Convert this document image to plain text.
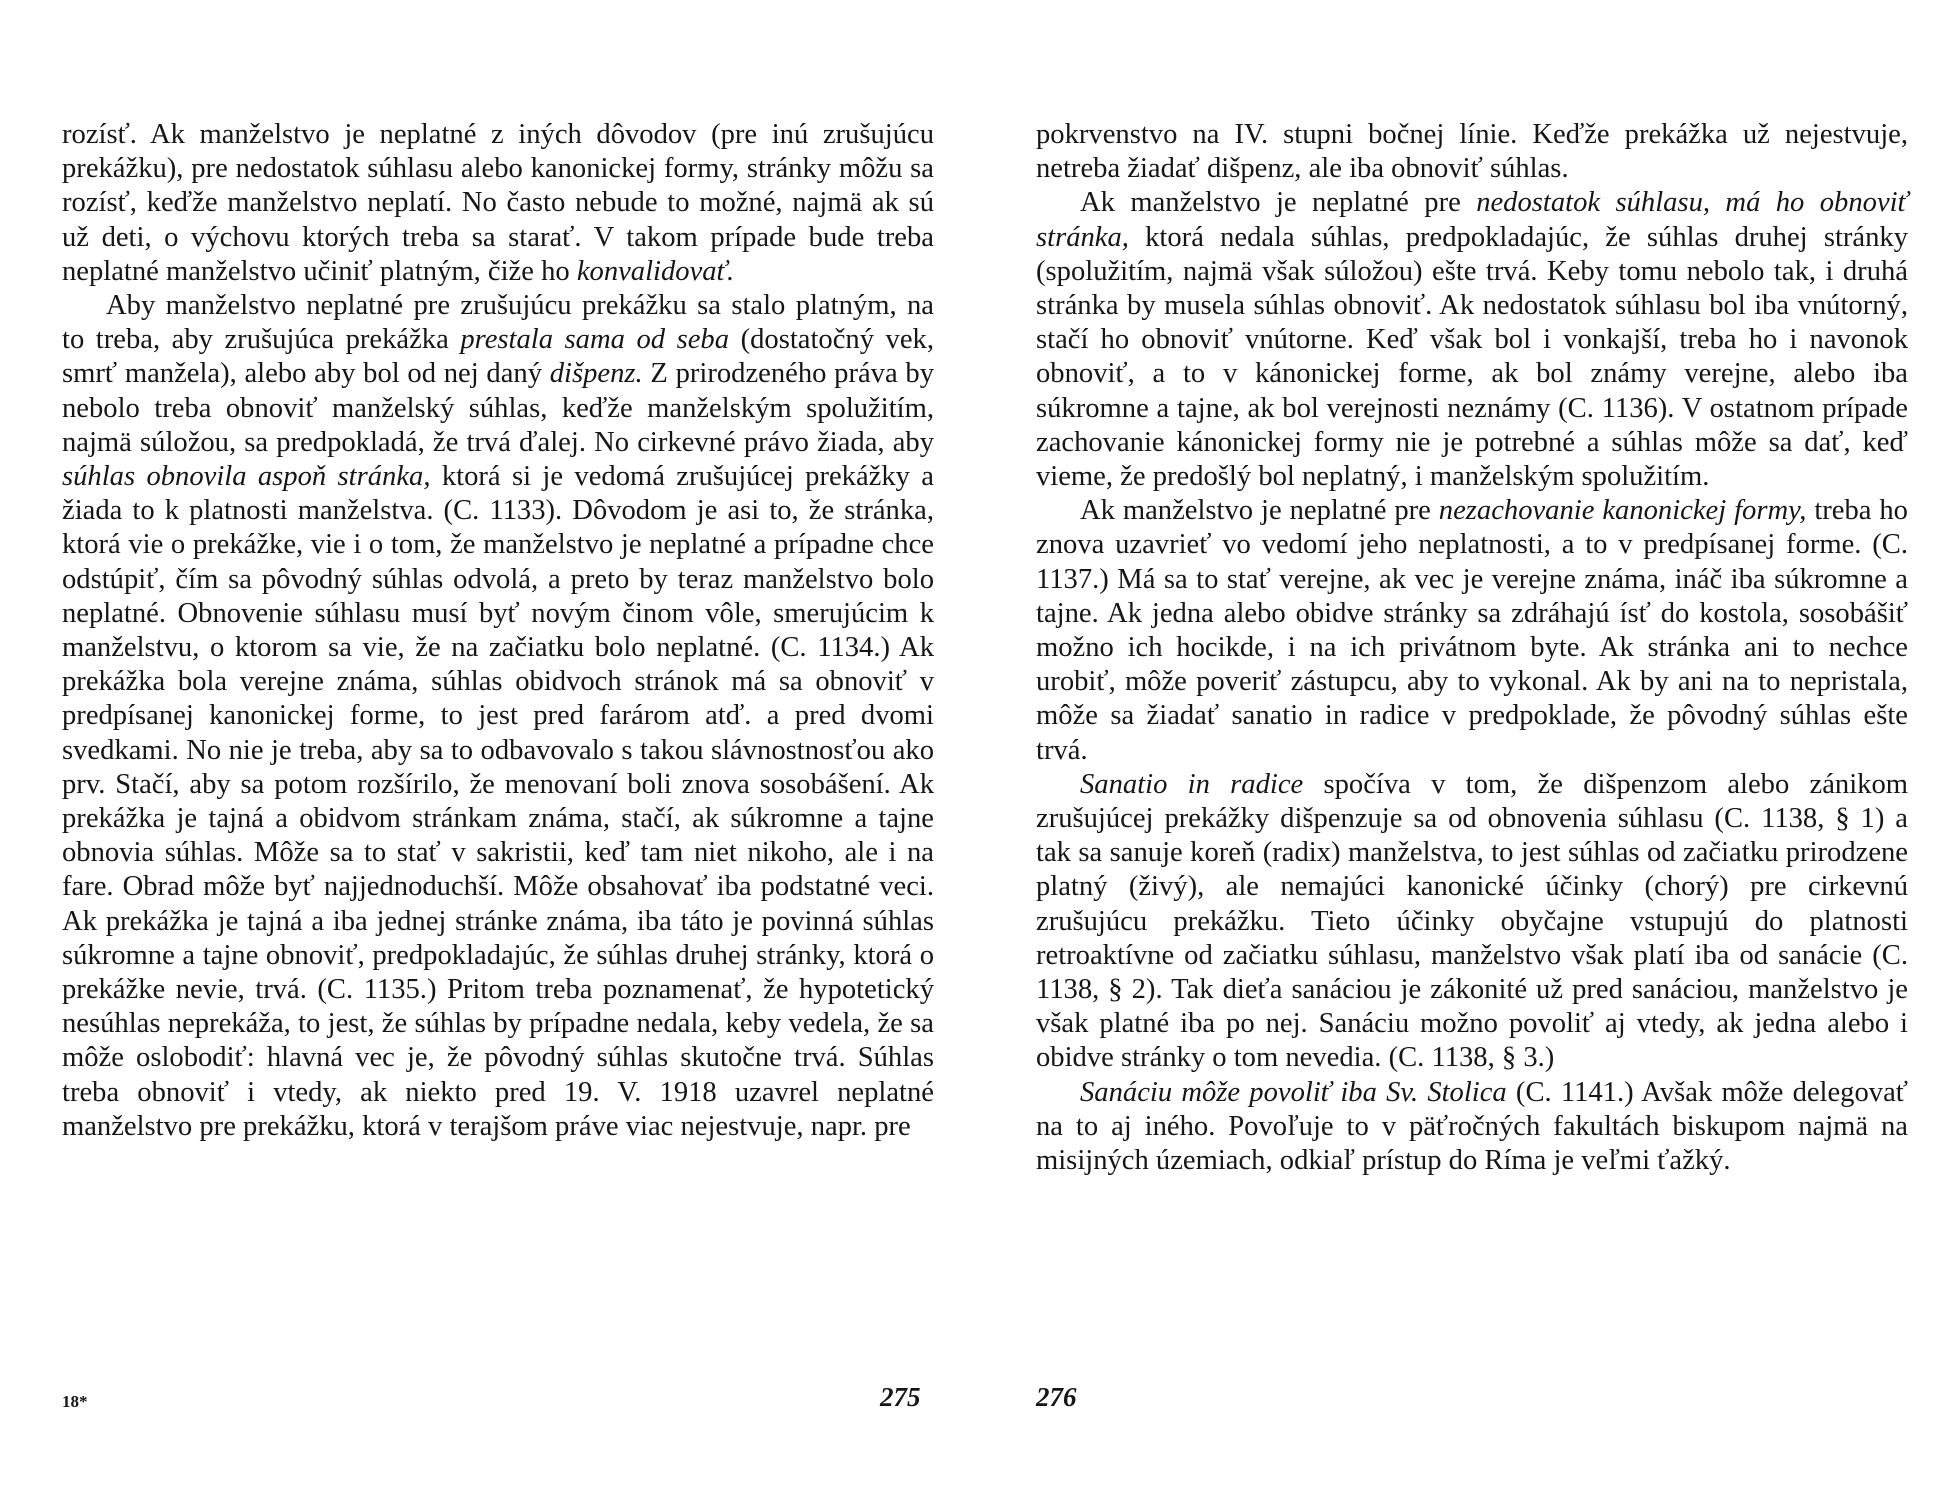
rozísť. Ak manželstvo je neplatné z iných dôvodov (pre inú zrušujúcu prekážku), pre nedostatok súhlasu alebo kanonickej formy, stránky môžu sa rozísť, keďže manželstvo neplatí. No často nebude to možné, najmä ak sú už deti, o výchovu ktorých treba sa starať. V takom prípade bude treba neplatné manželstvo učiniť platným, čiže ho konvalidovať.

Aby manželstvo neplatné pre zrušujúcu prekážku sa stalo platným, na to treba, aby zrušujúca prekážka prestala sama od seba (dostatočný vek, smrť manžela), alebo aby bol od nej daný dišpenz. Z prirodzeného práva by nebolo treba obnoviť manželský súhlas, keďže manželským spolužitím, najmä súložou, sa predpokladá, že trvá ďalej. No cirkevné právo žiada, aby súhlas obnovila aspoň stránka, ktorá si je vedomá zrušujúcej prekážky a žiada to k platnosti manželstva. (C. 1133). Dôvodom je asi to, že stránka, ktorá vie o prekážke, vie i o tom, že manželstvo je neplatné a prípadne chce odstúpiť, čím sa pôvodný súhlas odvolá, a preto by teraz manželstvo bolo neplatné. Obnovenie súhlasu musí byť novým činom vôle, smerujúcim k manželstvu, o ktorom sa vie, že na začiatku bolo neplatné. (C. 1134.) Ak prekážka bola verejne známa, súhlas obidvoch stránok má sa obnoviť v predpísanej kanonickej forme, to jest pred farárom atď. a pred dvomi svedkami. No nie je treba, aby sa to odbavovalo s takou slávnostnosťou ako prv. Stačí, aby sa potom rozšírilo, že menovaní boli znova sosobášení. Ak prekážka je tajná a obidvom stránkam známa, stačí, ak súkromne a tajne obnovia súhlas. Môže sa to stať v sakristii, keď tam niet nikoho, ale i na fare. Obrad môže byť najjednoduchší. Môže obsahovať iba podstatné veci. Ak prekážka je tajná a iba jednej stránke známa, iba táto je povinná súhlas súkromne a tajne obnoviť, predpokladajúc, že súhlas druhej stránky, ktorá o prekážke nevie, trvá. (C. 1135.) Pritom treba poznamenať, že hypotetický nesúhlas neprekáža, to jest, že súhlas by prípadne nedala, keby vedela, že sa môže oslobodiť: hlavná vec je, že pôvodný súhlas skutočne trvá. Súhlas treba obnoviť i vtedy, ak niekto pred 19. V. 1918 uzavrel neplatné manželstvo pre prekážku, ktorá v terajšom práve viac nejestvuje, napr. pre

18*	275

pokrvenstvo na IV. stupni bočnej línie. Keďže prekážka už nejestvuje, netreba žiadať dišpenz, ale iba obnoviť súhlas.

Ak manželstvo je neplatné pre nedostatok súhlasu, má ho obnoviť stránka, ktorá nedala súhlas, predpokladajúc, že súhlas druhej stránky (spolužitím, najmä však súložou) ešte trvá. Keby tomu nebolo tak, i druhá stránka by musela súhlas obnoviť. Ak nedostatok súhlasu bol iba vnútorný, stačí ho obnoviť vnútorne. Keď však bol i vonkajší, treba ho i navonok obnoviť, a to v kánonickej forme, ak bol známy verejne, alebo iba súkromne a tajne, ak bol verejnosti neznámy (C. 1136). V ostatnom prípade zachovanie kánonickej formy nie je potrebné a súhlas môže sa dať, keď vieme, že predošlý bol neplatný, i manželským spolužitím.

Ak manželstvo je neplatné pre nezachovanie kanonickej formy, treba ho znova uzavrieť vo vedomí jeho neplatnosti, a to v predpísanej forme. (C. 1137.) Má sa to stať verejne, ak vec je verejne známa, ináč iba súkromne a tajne. Ak jedna alebo obidve stránky sa zdráhajú ísť do kostola, sosobášiť možno ich hocikde, i na ich privátnom byte. Ak stránka ani to nechce urobiť, môže poveriť zástupcu, aby to vykonal. Ak by ani na to nepristala, môže sa žiadať sanatio in radice v predpoklade, že pôvodný súhlas ešte trvá.

Sanatio in radice spočíva v tom, že dišpenzom alebo zánikom zrušujúcej prekážky dišpenzuje sa od obnovenia súhlasu (C. 1138, § 1) a tak sa sanuje koreň (radix) manželstva, to jest súhlas od začiatku prirodzene platný (živý), ale nemajúci kanonické účinky (chorý) pre cirkevnú zrušujúcu prekážku. Tieto účinky obyčajne vstupujú do platnosti retroaktívne od začiatku súhlasu, manželstvo však platí iba od sanácie (C. 1138, § 2). Tak dieťa sanáciou je zákonité už pred sanáciou, manželstvo je však platné iba po nej. Sanáciu možno povoliť aj vtedy, ak jedna alebo i obidve stránky o tom nevedia. (C. 1138, § 3.)

Sanáciu môže povoliť iba Sv. Stolica (C. 1141.) Avšak môže delegovať na to aj iného. Povoľuje to v päťročných fakultách biskupom najmä na misijných územiach, odkiaľ prístup do Ríma je veľmi ťažký.

276
